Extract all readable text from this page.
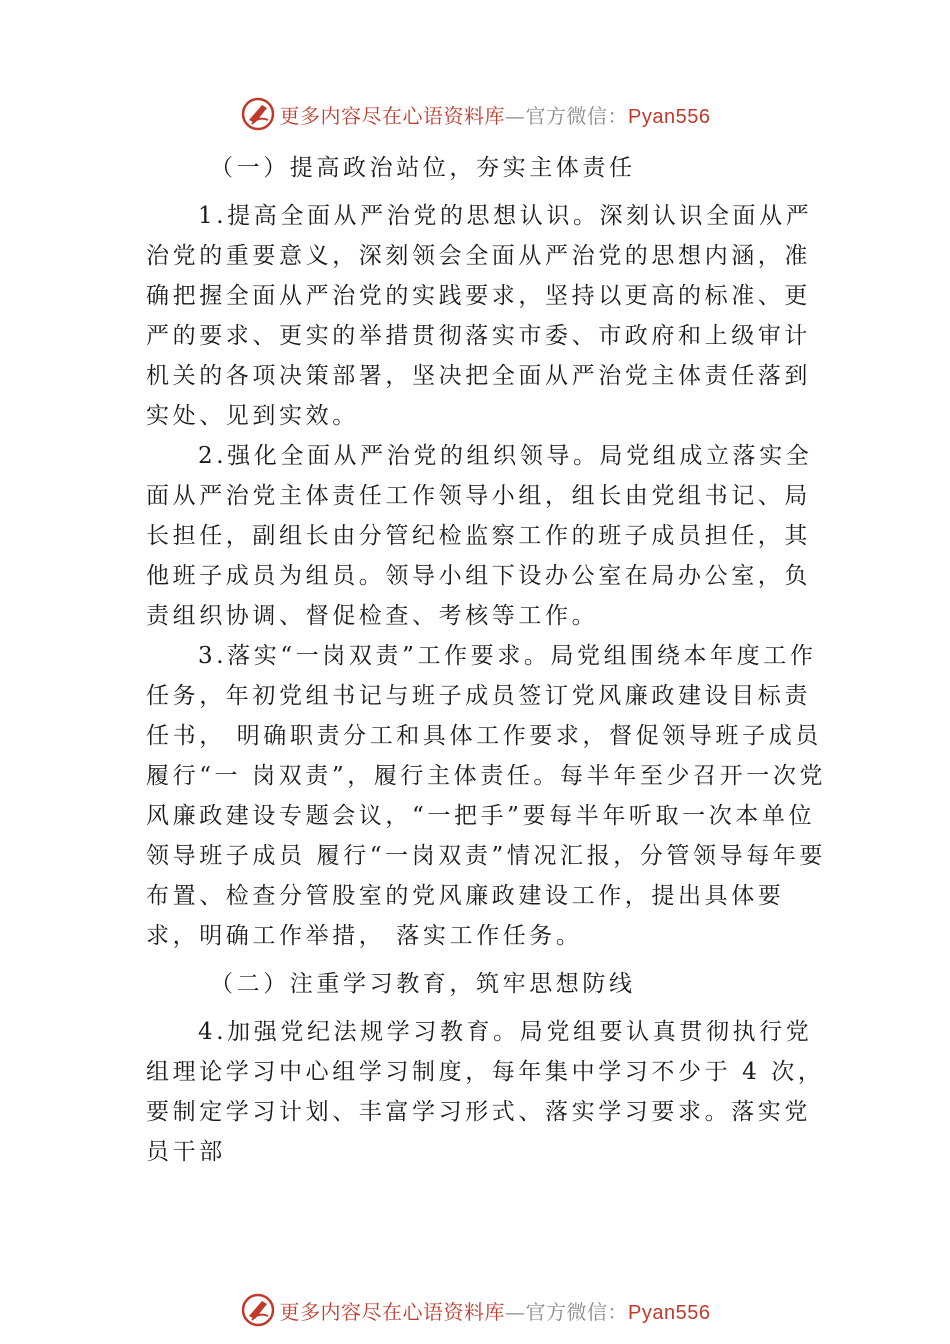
更多内容尽在心语资料库—官方微信：Pyan556

（一）提高政治站位，夯实主体责任

1.提高全面从严治党的思想认识。深刻认识全面从严治党的重要意义，深刻领会全面从严治党的思想内涵，准确把握全面从严治党的实践要求，坚持以更高的标准、更严的要求、更实的举措贯彻落实市委、市政府和上级审计机关的各项决策部署，坚决把全面从严治党主体责任落到实处、见到实效。

2.强化全面从严治党的组织领导。局党组成立落实全面从严治党主体责任工作领导小组，组长由党组书记、局长担任，副组长由分管纪检监察工作的班子成员担任，其他班子成员为组员。领导小组下设办公室在局办公室，负责组织协调、督促检查、考核等工作。

3.落实“一岗双责”工作要求。局党组围绕本年度工作任务，年初党组书记与班子成员签订党风廉政建设目标责任书， 明确职责分工和具体工作要求，督促领导班子成员履行“一 岗双责”，履行主体责任。每半年至少召开一次党风廉政建设专题会议，“一把手”要每半年听取一次本单位领导班子成员 履行“一岗双责”情况汇报，分管领导每年要布置、检查分管股室的党风廉政建设工作，提出具体要求，明确工作举措， 落实工作任务。

（二）注重学习教育，筑牢思想防线

4.加强党纪法规学习教育。局党组要认真贯彻执行党组理论学习中心组学习制度，每年集中学习不少于 4 次，要制定学习计划、丰富学习形式、落实学习要求。落实党员干部

更多内容尽在心语资料库—官方微信：Pyan556
